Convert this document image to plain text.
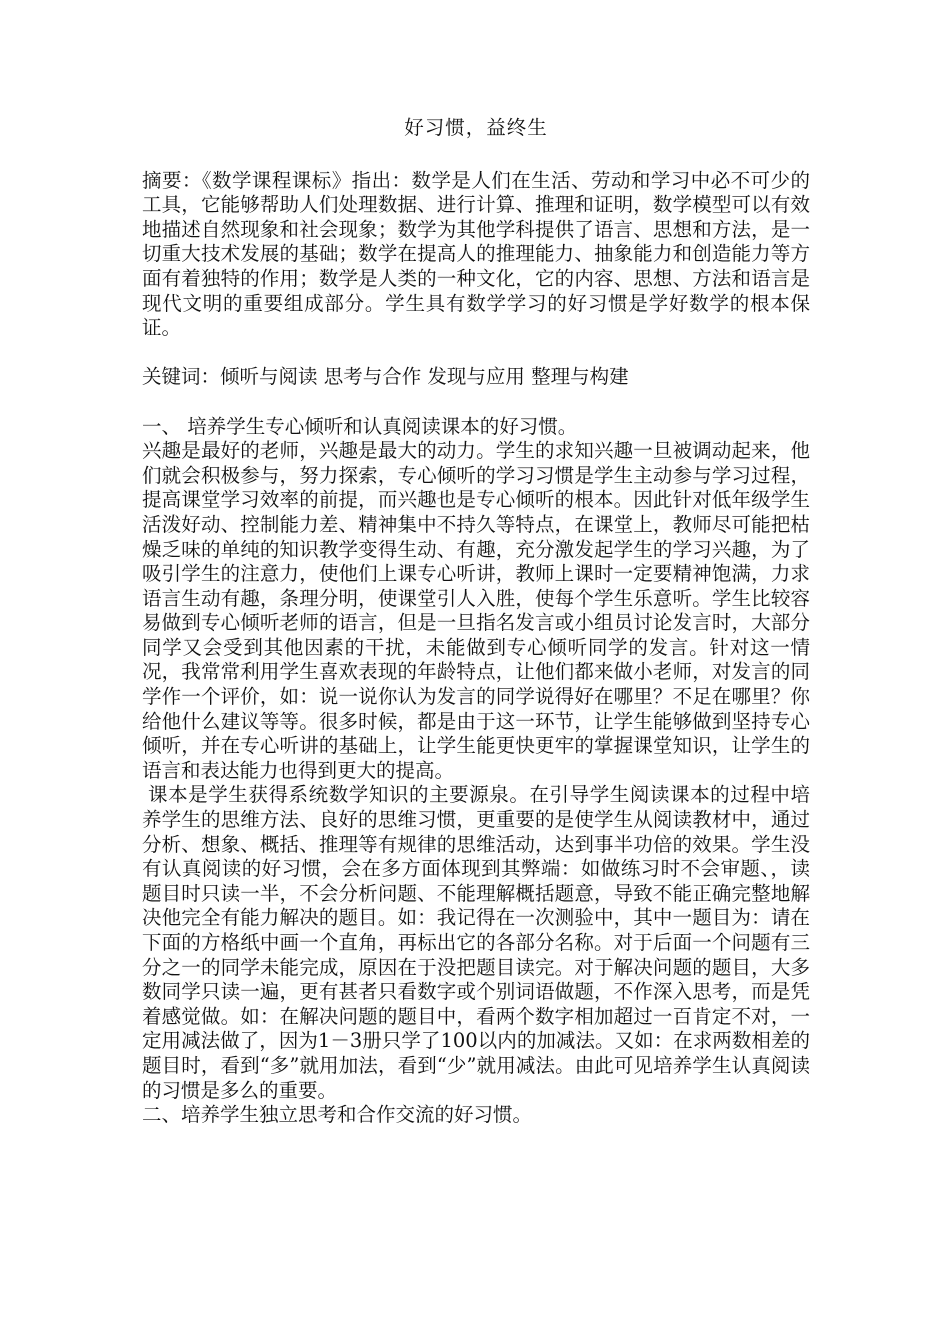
好习惯，益终生

摘要：《数学课程课标》指出：数学是人们在生活、劳动和学习中必不可少的工具，它能够帮助人们处理数据、进行计算、推理和证明，数学模型可以有效地描述自然现象和社会现象；数学为其他学科提供了语言、思想和方法，是一切重大技术发展的基础；数学在提高人的推理能力、抽象能力和创造能力等方面有着独特的作用；数学是人类的一种文化，它的内容、思想、方法和语言是现代文明的重要组成部分。学生具有数学学习的好习惯是学好数学的根本保证。

关键词：倾听与阅读 思考与合作 发现与应用 整理与构建

一、 培养学生专心倾听和认真阅读课本的好习惯。

兴趣是最好的老师，兴趣是最大的动力。学生的求知兴趣一旦被调动起来，他们就会积极参与，努力探索，专心倾听的学习习惯是学生主动参与学习过程，提高课堂学习效率的前提，而兴趣也是专心倾听的根本。因此针对低年级学生活泼好动、控制能力差、精神集中不持久等特点，在课堂上，教师尽可能把枯燥乏味的单纯的知识教学变得生动、有趣，充分激发起学生的学习兴趣，为了吸引学生的注意力，使他们上课专心听讲，教师上课时一定要精神饱满，力求语言生动有趣，条理分明，使课堂引人入胜，使每个学生乐意听。学生比较容易做到专心倾听老师的语言，但是一旦指名发言或小组员讨论发言时，大部分同学又会受到其他因素的干扰，未能做到专心倾听同学的发言。针对这一情况，我常常利用学生喜欢表现的年龄特点，让他们都来做小老师，对发言的同学作一个评价，如：说一说你认为发言的同学说得好在哪里？不足在哪里？你给他什么建议等等。很多时候，都是由于这一环节，让学生能够做到坚持专心倾听，并在专心听讲的基础上，让学生能更快更牢的掌握课堂知识，让学生的语言和表达能力也得到更大的提高。

课本是学生获得系统数学知识的主要源泉。在引导学生阅读课本的过程中培养学生的思维方法、良好的思维习惯，更重要的是使学生从阅读教材中，通过分析、想象、概括、推理等有规律的思维活动，达到事半功倍的效果。学生没有认真阅读的好习惯，会在多方面体现到其弊端：如做练习时不会审题、，读题目时只读一半，不会分析问题、不能理解概括题意，导致不能正确完整地解决他完全有能力解决的题目。如：我记得在一次测验中，其中一题目为：请在下面的方格纸中画一个直角，再标出它的各部分名称。对于后面一个问题有三分之一的同学未能完成，原因在于没把题目读完。对于解决问题的题目，大多数同学只读一遍，更有甚者只看数字或个别词语做题，不作深入思考，而是凭着感觉做。如：在解决问题的题目中，看两个数字相加超过一百肯定不对，一定用减法做了，因为1－3册只学了100以内的加减法。又如：在求两数相差的题目时，看到“多”就用加法，看到“少”就用减法。由此可见培养学生认真阅读的习惯是多么的重要。

二、培养学生独立思考和合作交流的好习惯。
